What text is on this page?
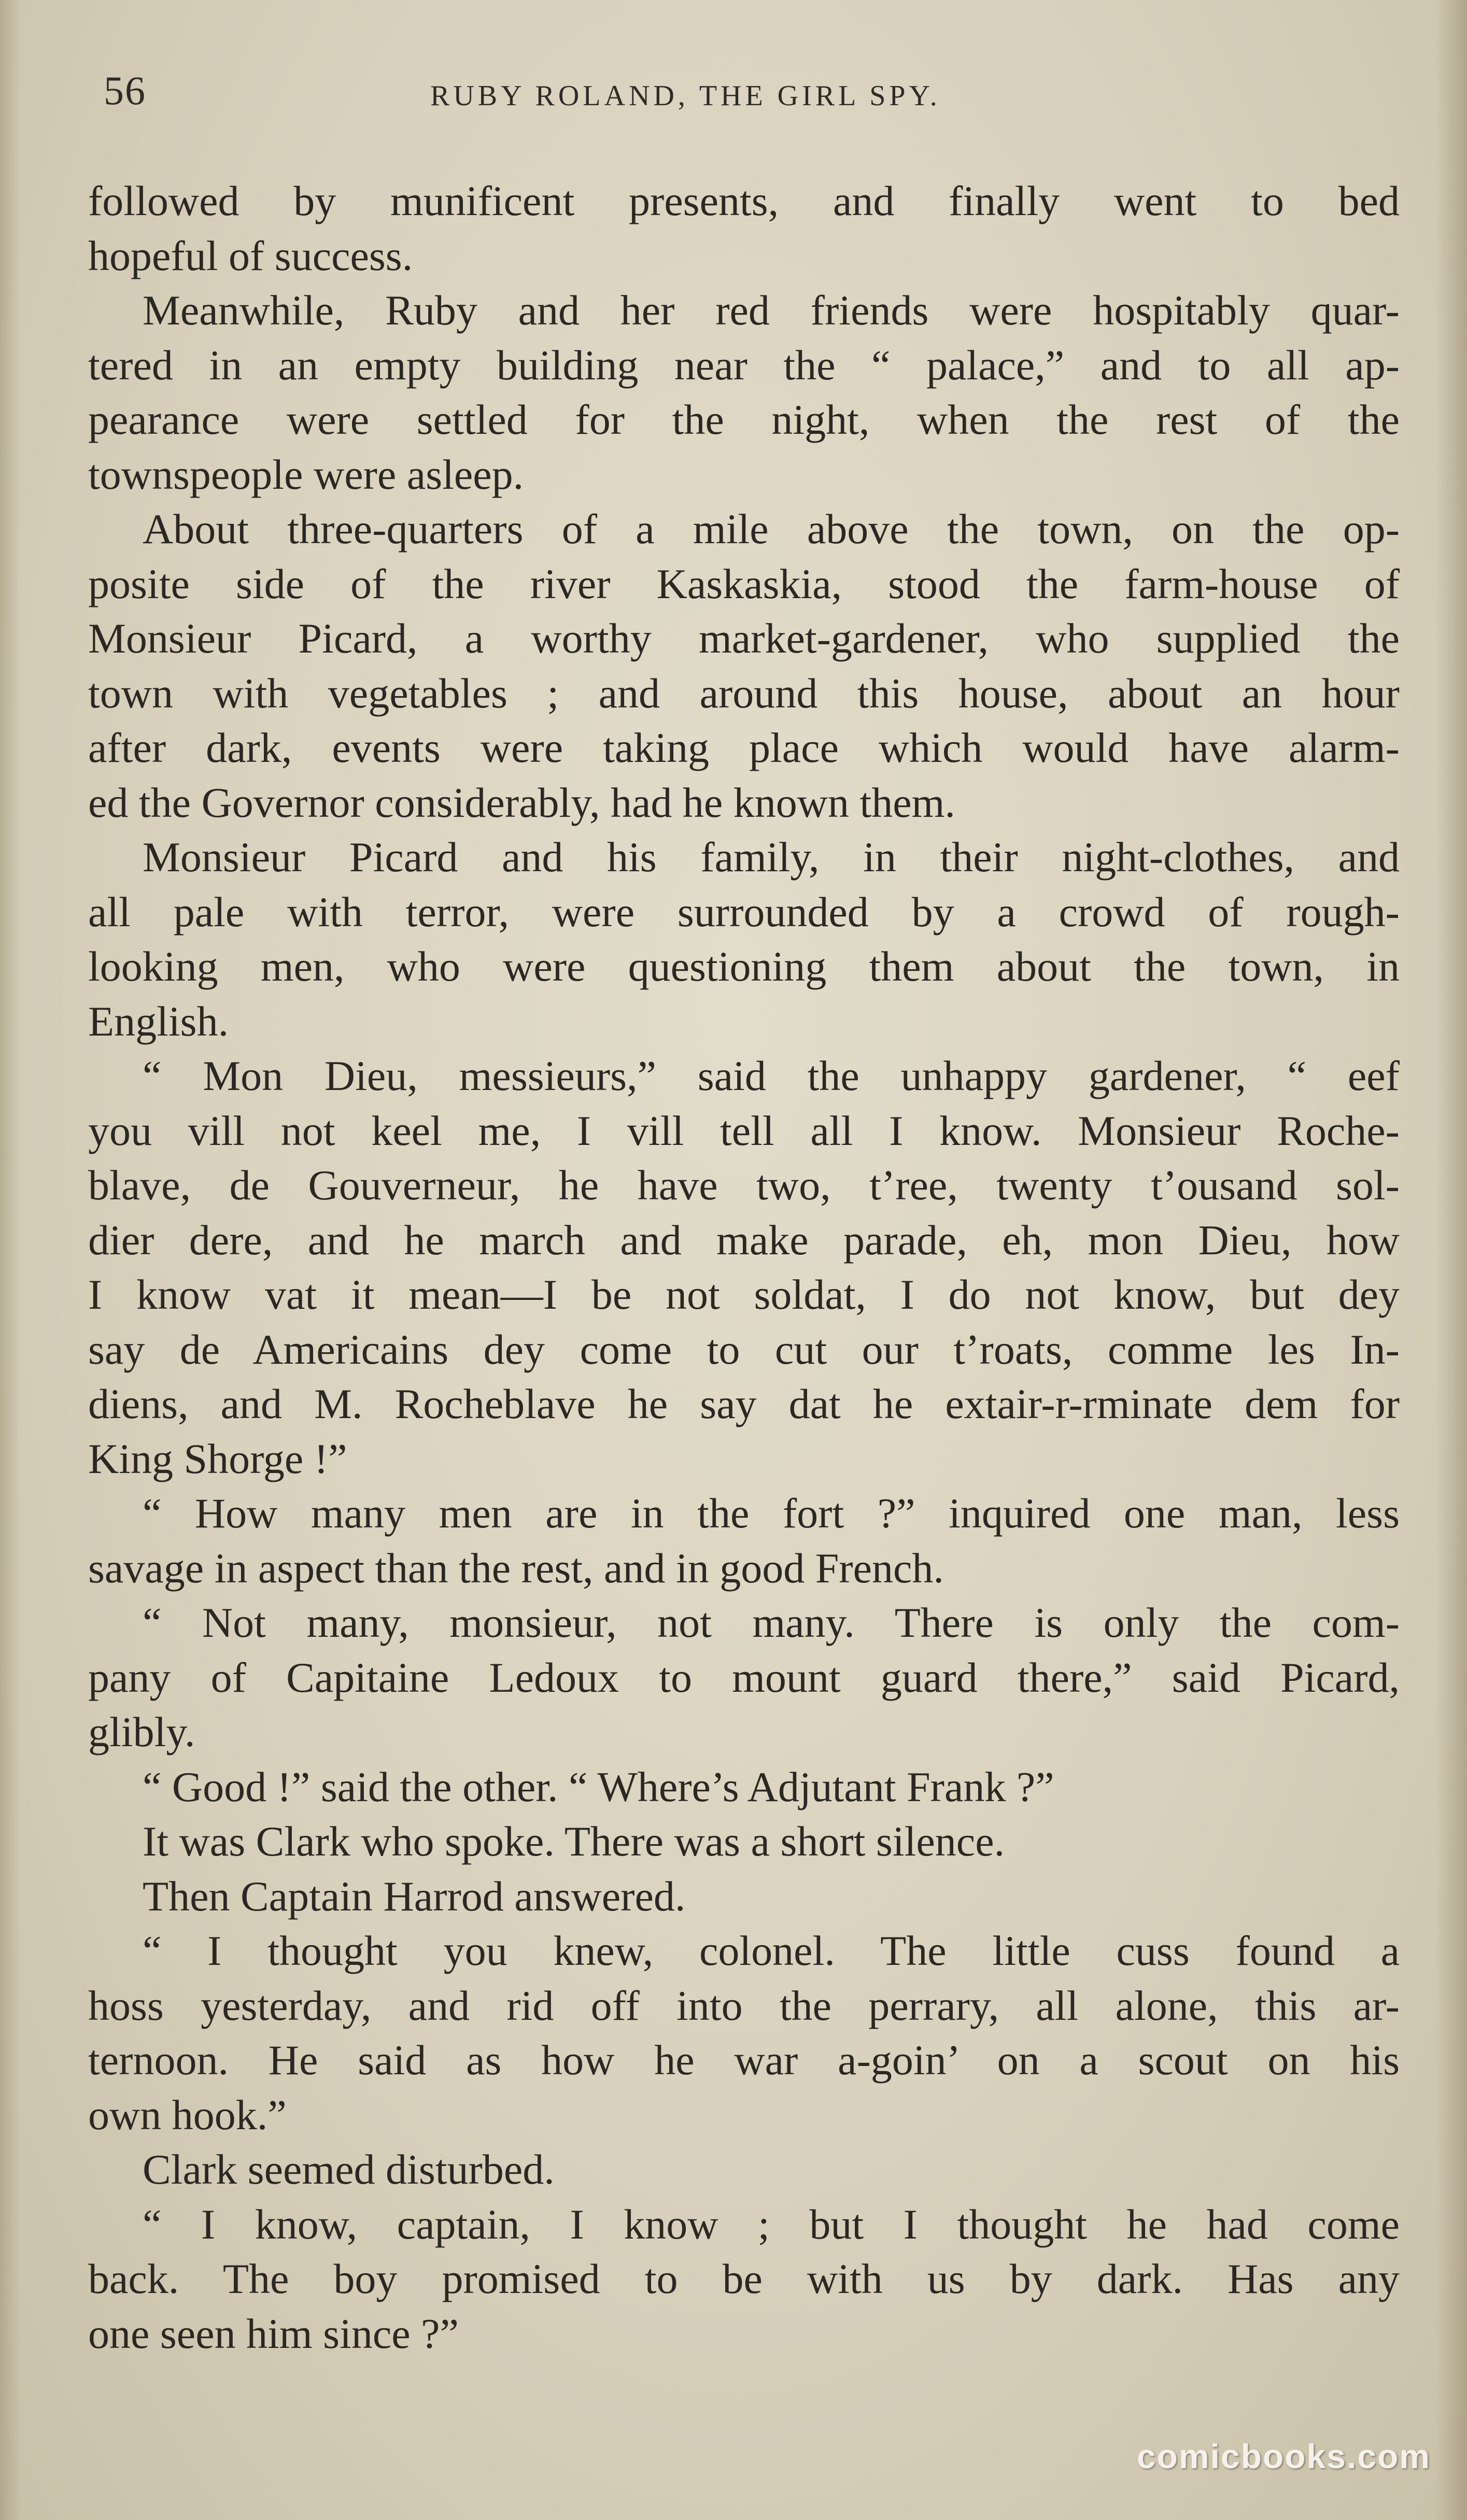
56	RUBY ROLAND, THE GIRL SPY.
followed by munificent presents, and finally went to bed
hopeful of success.
Meanwhile, Ruby and her red friends were hospitably quar-
tered in an empty building near the “ palace,” and to all ap-
pearance were settled for the night, when the rest of the
townspeople were asleep.
About three-quarters of a mile above the town, on the op-
posite side of the river Kaskaskia, stood the farm-house of
Monsieur Picard, a worthy market-gardener, who supplied the
town with vegetables ; and around this house, about an hour
after dark, events were taking place which would have alarm-
ed the Governor considerably, had he known them.
Monsieur Picard and his family, in their night-clothes, and
all pale with terror, were surrounded by a crowd of rough-
looking men, who were questioning them about the town, in
English.
“ Mon Dieu, messieurs,” said the unhappy gardener, “ eef
you vill not keel me, I vill tell all I know. Monsieur Roche-
blave, de Gouverneur, he have two, t’ree, twenty t’ousand sol-
dier dere, and he march and make parade, eh, mon Dieu, how
I know vat it mean—I be not soldat, I do not know, but dey
say de Americains dey come to cut our t’roats, comme les In-
diens, and M. Rocheblave he say dat he extair-r-rminate dem for
King Shorge !”
“ How many men are in the fort ?” inquired one man, less
savage in aspect than the rest, and in good French.
“ Not many, monsieur, not many. There is only the com-
pany of Capitaine Ledoux to mount guard there,” said Picard,
glibly.
“ Good !” said the other. “ Where’s Adjutant Frank ?”
It was Clark who spoke. There was a short silence.
Then Captain Harrod answered.
“ I thought you knew, colonel. The little cuss found a
hoss yesterday, and rid off into the perrary, all alone, this ar-
ternoon. He said as how he war a-goin’ on a scout on his
own hook.”
Clark seemed disturbed.
“ I know, captain, I know ; but I thought he had come
back. The boy promised to be with us by dark. Has any
one seen him since ?”
comicbooks.com
